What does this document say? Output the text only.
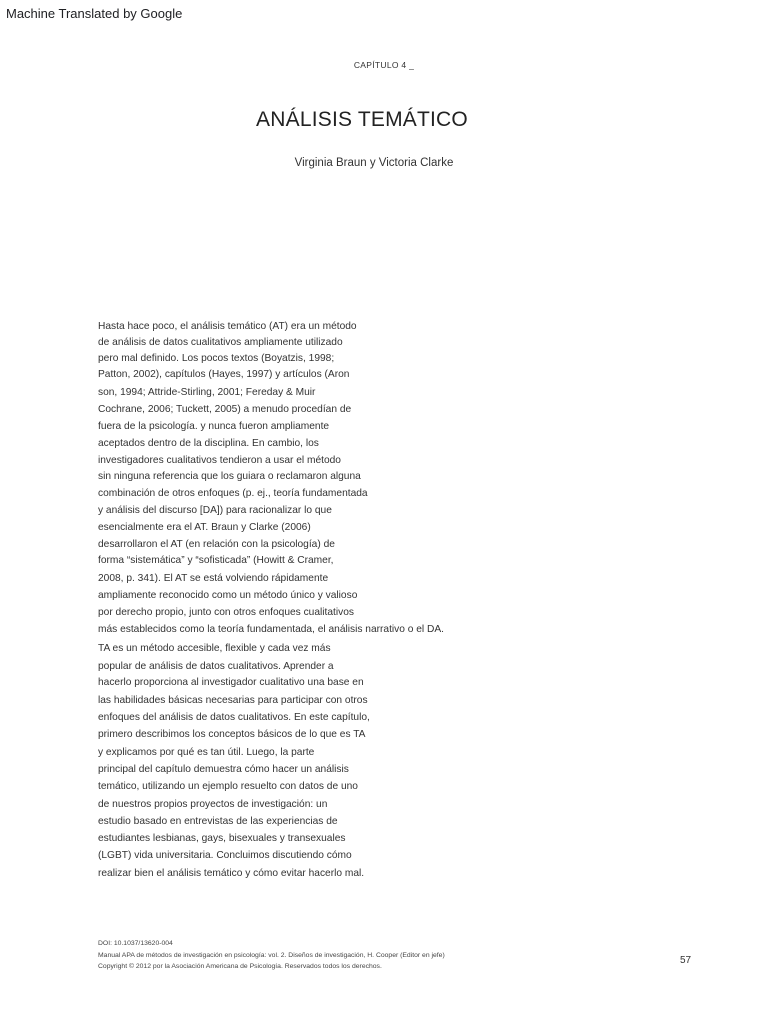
Machine Translated by Google
CAPÍTULO 4 _
ANÁLISIS TEMÁTICO
Virginia Braun y Victoria Clarke
Hasta hace poco, el análisis temático (AT) era un método
de análisis de datos cualitativos ampliamente utilizado
pero mal definido. Los pocos textos (Boyatzis, 1998;
Patton, 2002), capítulos (Hayes, 1997) y artículos (Aron
son, 1994; Attride-Stirling, 2001; Fereday & Muir
Cochrane, 2006; Tuckett, 2005) a menudo procedían de
fuera de la psicología. y nunca fueron ampliamente
aceptados dentro de la disciplina. En cambio, los
investigadores cualitativos tendieron a usar el método
sin ninguna referencia que los guiara o reclamaron alguna
combinación de otros enfoques (p. ej., teoría fundamentada
y análisis del discurso [DA]) para racionalizar lo que
esencialmente era el AT. Braun y Clarke (2006)
desarrollaron el AT (en relación con la psicología) de
forma “sistemática” y “sofisticada” (Howitt & Cramer,
2008, p. 341). El AT se está volviendo rápidamente
ampliamente reconocido como un método único y valioso
por derecho propio, junto con otros enfoques cualitativos
más establecidos como la teoría fundamentada, el análisis narrativo o el DA.
TA es un método accesible, flexible y cada vez más
popular de análisis de datos cualitativos. Aprender a
hacerlo proporciona al investigador cualitativo una base en
las habilidades básicas necesarias para participar con otros
enfoques del análisis de datos cualitativos. En este capítulo,
primero describimos los conceptos básicos de lo que es TA
y explicamos por qué es tan útil. Luego, la parte
principal del capítulo demuestra cómo hacer un análisis
temático, utilizando un ejemplo resuelto con datos de uno
de nuestros propios proyectos de investigación: un
estudio basado en entrevistas de las experiencias de
estudiantes lesbianas, gays, bisexuales y transexuales
(LGBT) vida universitaria. Concluimos discutiendo cómo
realizar bien el análisis temático y cómo evitar hacerlo mal.
DOI: 10.1037/13620-004
Manual APA de métodos de investigación en psicología: vol. 2. Diseños de investigación, H. Cooper (Editor en jefe)
Copyright © 2012 por la Asociación Americana de Psicología. Reservados todos los derechos.
57
